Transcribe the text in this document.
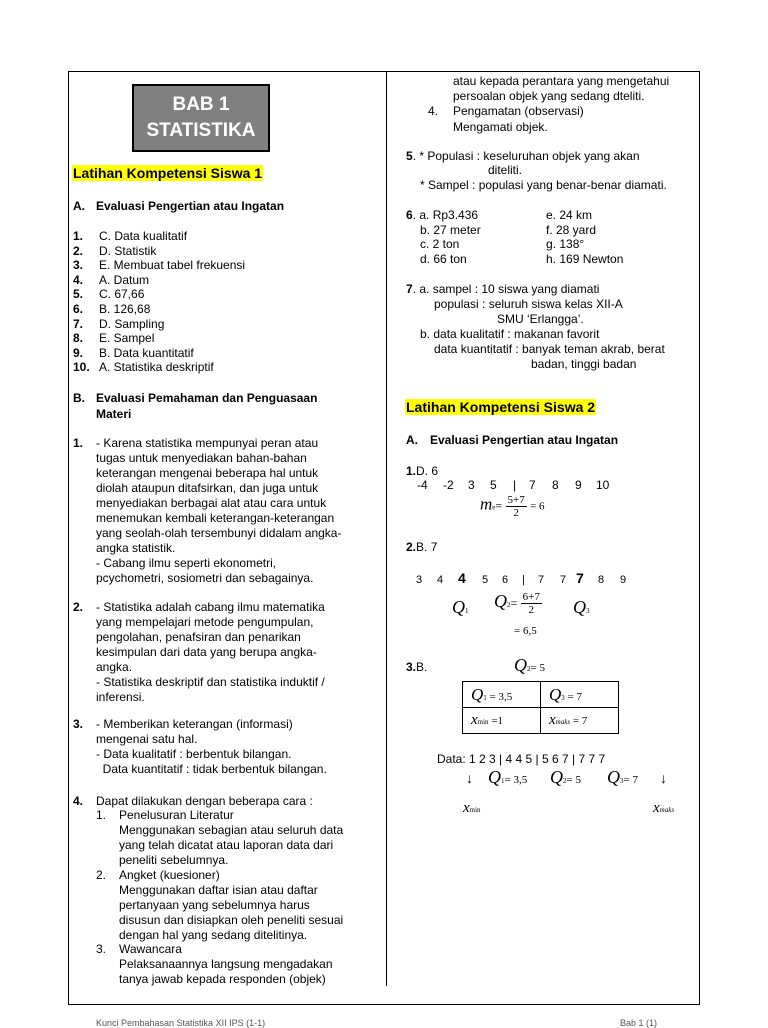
BAB 1
STATISTIKA
Latihan Kompetensi Siswa 1
A. Evaluasi Pengertian atau Ingatan
1. C. Data kualitatif
2. D. Statistik
3. E. Membuat tabel frekuensi
4. A. Datum
5. C. 67,66
6. B. 126,68
7. D. Sampling
8. E. Sampel
9. B. Data kuantitatif
10. A. Statistika deskriptif
B. Evaluasi Pemahaman dan Penguasaan
Materi
1. - Karena statistika mempunyai peran atau
tugas untuk menyediakan bahan-bahan
keterangan mengenai beberapa hal untuk
diolah ataupun ditafsirkan, dan juga untuk
menyediakan berbagai alat atau cara untuk
menemukan kembali keterangan-keterangan
yang seolah-olah tersembunyi didalam angka-
angka statistik.
- Cabang ilmu seperti ekonometri,
pcychometri, sosiometri dan sebagainya.
2. - Statistika adalah cabang ilmu matematika
yang mempelajari metode pengumpulan,
pengolahan, penafsiran dan penarikan
kesimpulan dari data yang berupa angka-
angka.
- Statistika deskriptif dan statistika induktif /
inferensi.
3. - Memberikan keterangan (informasi)
mengenai satu hal.
- Data kualitatif : berbentuk bilangan.
Data kuantitatif : tidak berbentuk bilangan.
4. Dapat dilakukan dengan beberapa cara :
1. Penelusuran Literatur
Menggunakan sebagian atau seluruh data
yang telah dicatat atau laporan data dari
peneliti sebelumnya.
2. Angket (kuesioner)
Menggunakan daftar isian atau daftar
pertanyaan yang sebelumnya harus
disusun dan disiapkan oleh peneliti sesuai
dengan hal yang sedang ditelitinya.
3. Wawancara
Pelaksanaannya langsung mengadakan
tanya jawab kepada responden (objek)
atau kepada perantara yang mengetahui
persoalan objek yang sedang dteliti.
4. Pengamatan (observasi)
Mengamati objek.
5. * Populasi : keseluruhan objek yang akan
diteliti.
* Sampel : populasi yang benar-benar diamati.
6. a. Rp3.436
b. 27 meter
c. 2 ton
d. 66 ton
e. 24 km
f. 28 yard
g. 138°
h. 169 Newton
7. a. sampel : 10 siswa yang diamati
populasi : seluruh siswa kelas XII-A
SMU ‘Erlangga’.
b. data kualitatif : makanan favorit
data kuantitatif : banyak teman akrab, berat
badan, tinggi badan
Latihan Kompetensi Siswa 2
A. Evaluasi Pengertian atau Ingatan
1.D. 6
-4 -2 3 5 | 7 8 9 10
$me= \frac{5+7}{2} = 6$
2.B. 7
3 4 4 5 6 | 7 7 7 8 9
Q1 $Q2= \frac{6+7}{2} Q3$
= 6,5
3.B.	Q2= 5
Q1 = 3,5	Q3 = 7
xmin =1	xmaks = 7
Data: 1 2 3 | 4 4 5 | 5 6 7 | 7 7 7
↓ Q1= 3,5 Q2= 5 Q3= 7 ↓
xmin	xmaks
Kunci Pembahasan Statistika XII IPS (1-1)	Bab 1 (1)
